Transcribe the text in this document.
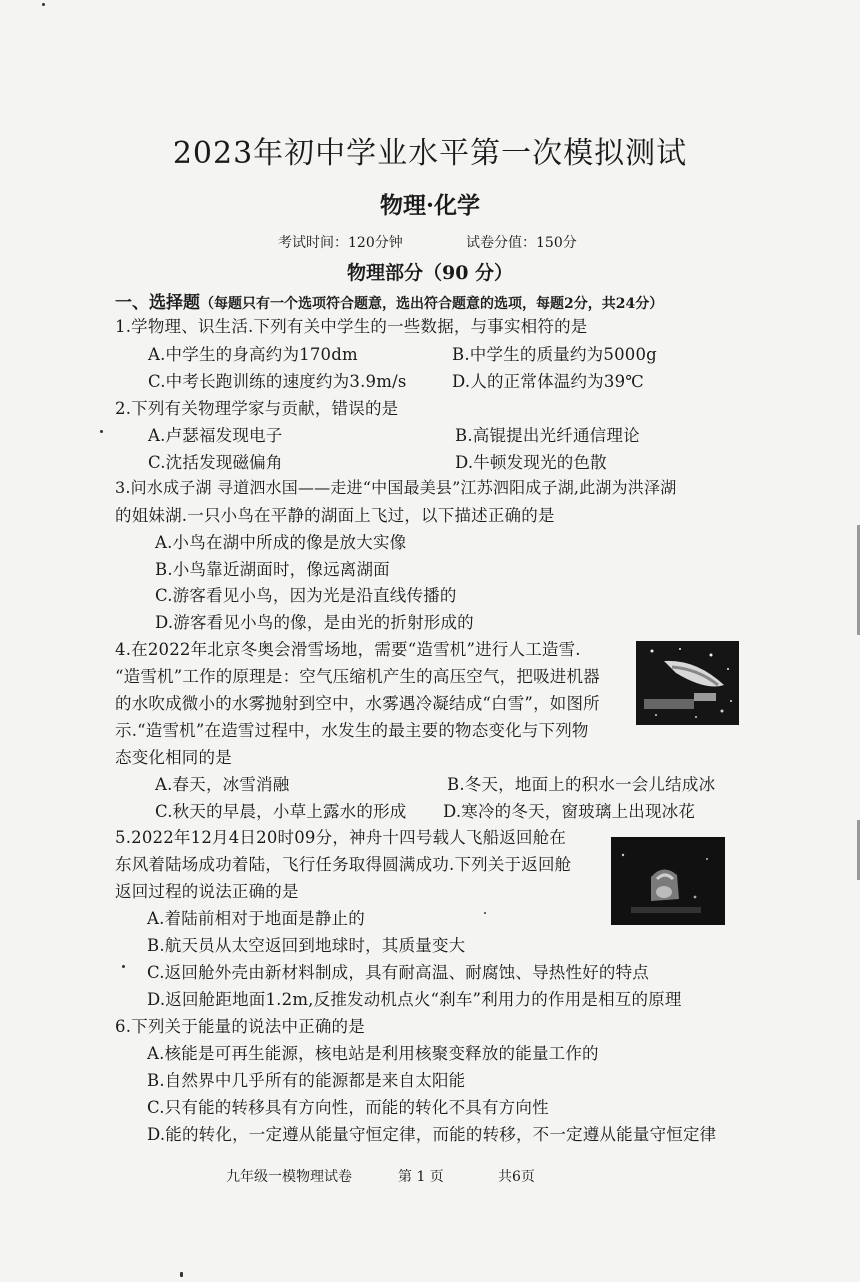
2023年初中学业水平第一次模拟测试
物理·化学
考试时间：120分钟	试卷分值：150分
物理部分（90 分）
一、选择题（每题只有一个选项符合题意，选出符合题意的选项，每题2分，共24分）
1.学物理、识生活.下列有关中学生的一些数据，与事实相符的是
A.中学生的身高约为170dm	B.中学生的质量约为5000g
C.中考长跑训练的速度约为3.9m/s	D.人的正常体温约为39℃
2.下列有关物理学家与贡献，错误的是
A.卢瑟福发现电子	B.高锟提出光纤通信理论
C.沈括发现磁偏角	D.牛顿发现光的色散
3.问水成子湖 寻道泗水国——走进“中国最美县”江苏泗阳成子湖,此湖为洪泽湖
的姐妹湖.一只小鸟在平静的湖面上飞过，以下描述正确的是
A.小鸟在湖中所成的像是放大实像
B.小鸟靠近湖面时，像远离湖面
C.游客看见小鸟，因为光是沿直线传播的
D.游客看见小鸟的像，是由光的折射形成的
4.在2022年北京冬奥会滑雪场地，需要“造雪机”进行人工造雪.
“造雪机”工作的原理是：空气压缩机产生的高压空气，把吸进机器
的水吹成微小的水雾抛射到空中，水雾遇冷凝结成“白雪”，如图所
示.“造雪机”在造雪过程中，水发生的最主要的物态变化与下列物
态变化相同的是
A.春天，冰雪消融	B.冬天，地面上的积水一会儿结成冰
C.秋天的早晨，小草上露水的形成 D.寒冷的冬天，窗玻璃上出现冰花
5.2022年12月4日20时09分，神舟十四号载人飞船返回舱在
东风着陆场成功着陆，飞行任务取得圆满成功.下列关于返回舱
返回过程的说法正确的是
A.着陆前相对于地面是静止的
B.航天员从太空返回到地球时，其质量变大
C.返回舱外壳由新材料制成，具有耐高温、耐腐蚀、导热性好的特点
D.返回舱距地面1.2m,反推发动机点火“刹车”利用力的作用是相互的原理
6.下列关于能量的说法中正确的是
A.核能是可再生能源，核电站是利用核聚变释放的能量工作的
B.自然界中几乎所有的能源都是来自太阳能
C.只有能的转移具有方向性，而能的转化不具有方向性
D.能的转化，一定遵从能量守恒定律，而能的转移，不一定遵从能量守恒定律
九年级一模物理试卷	第 1 页	共6页
